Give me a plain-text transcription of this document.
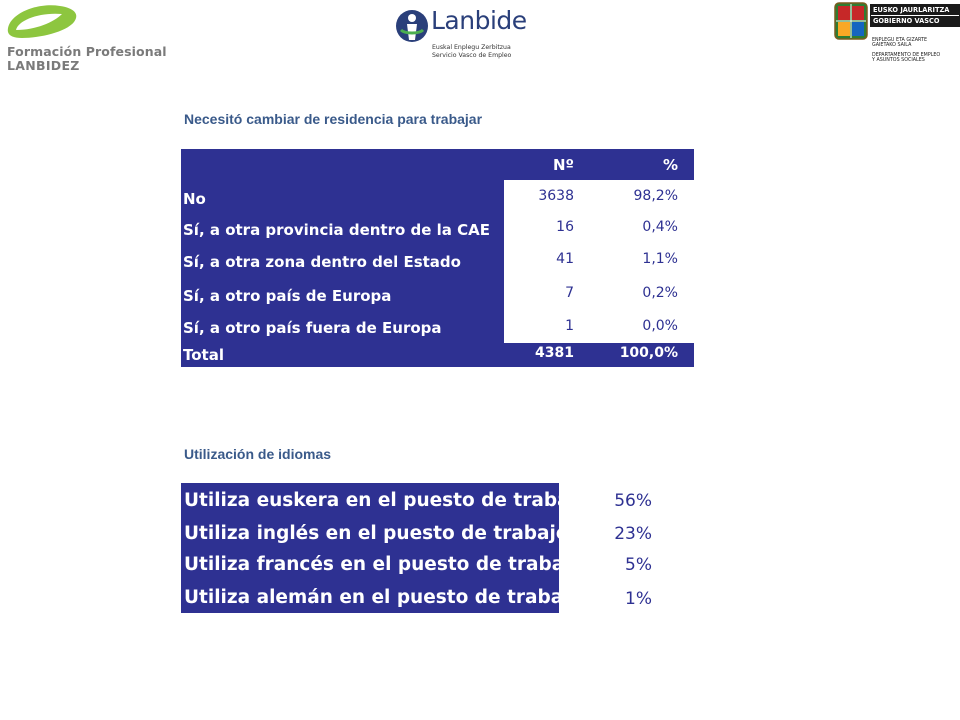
Formación Profesional
LANBIDEZ
Lanbide
Euskal Enplegu Zerbitzua
Servicio Vasco de Empleo
EUSKO JAURLARITZA
GOBIERNO VASCO
ENPLEGU ETA GIZARTE
GAIETAKO SAILA
DEPARTAMENTO DE EMPLEO
Y ASUNTOS SOCIALES
Necesitó cambiar de residencia para trabajar
Nº	%
No	3638	98,2%
Sí, a otra provincia dentro de la CAE	16	0,4%
Sí, a otra zona dentro del Estado	41	1,1%
Sí, a otro país de Europa	7	0,2%
Sí, a otro país fuera de Europa	1	0,0%
Total	4381	100,0%
Utilización de idiomas
Utiliza euskera en el puesto de trabajo	56%
Utiliza inglés en el puesto de trabajo	23%
Utiliza francés en el puesto de trabajo	5%
Utiliza alemán en el puesto de trabajo	1%
